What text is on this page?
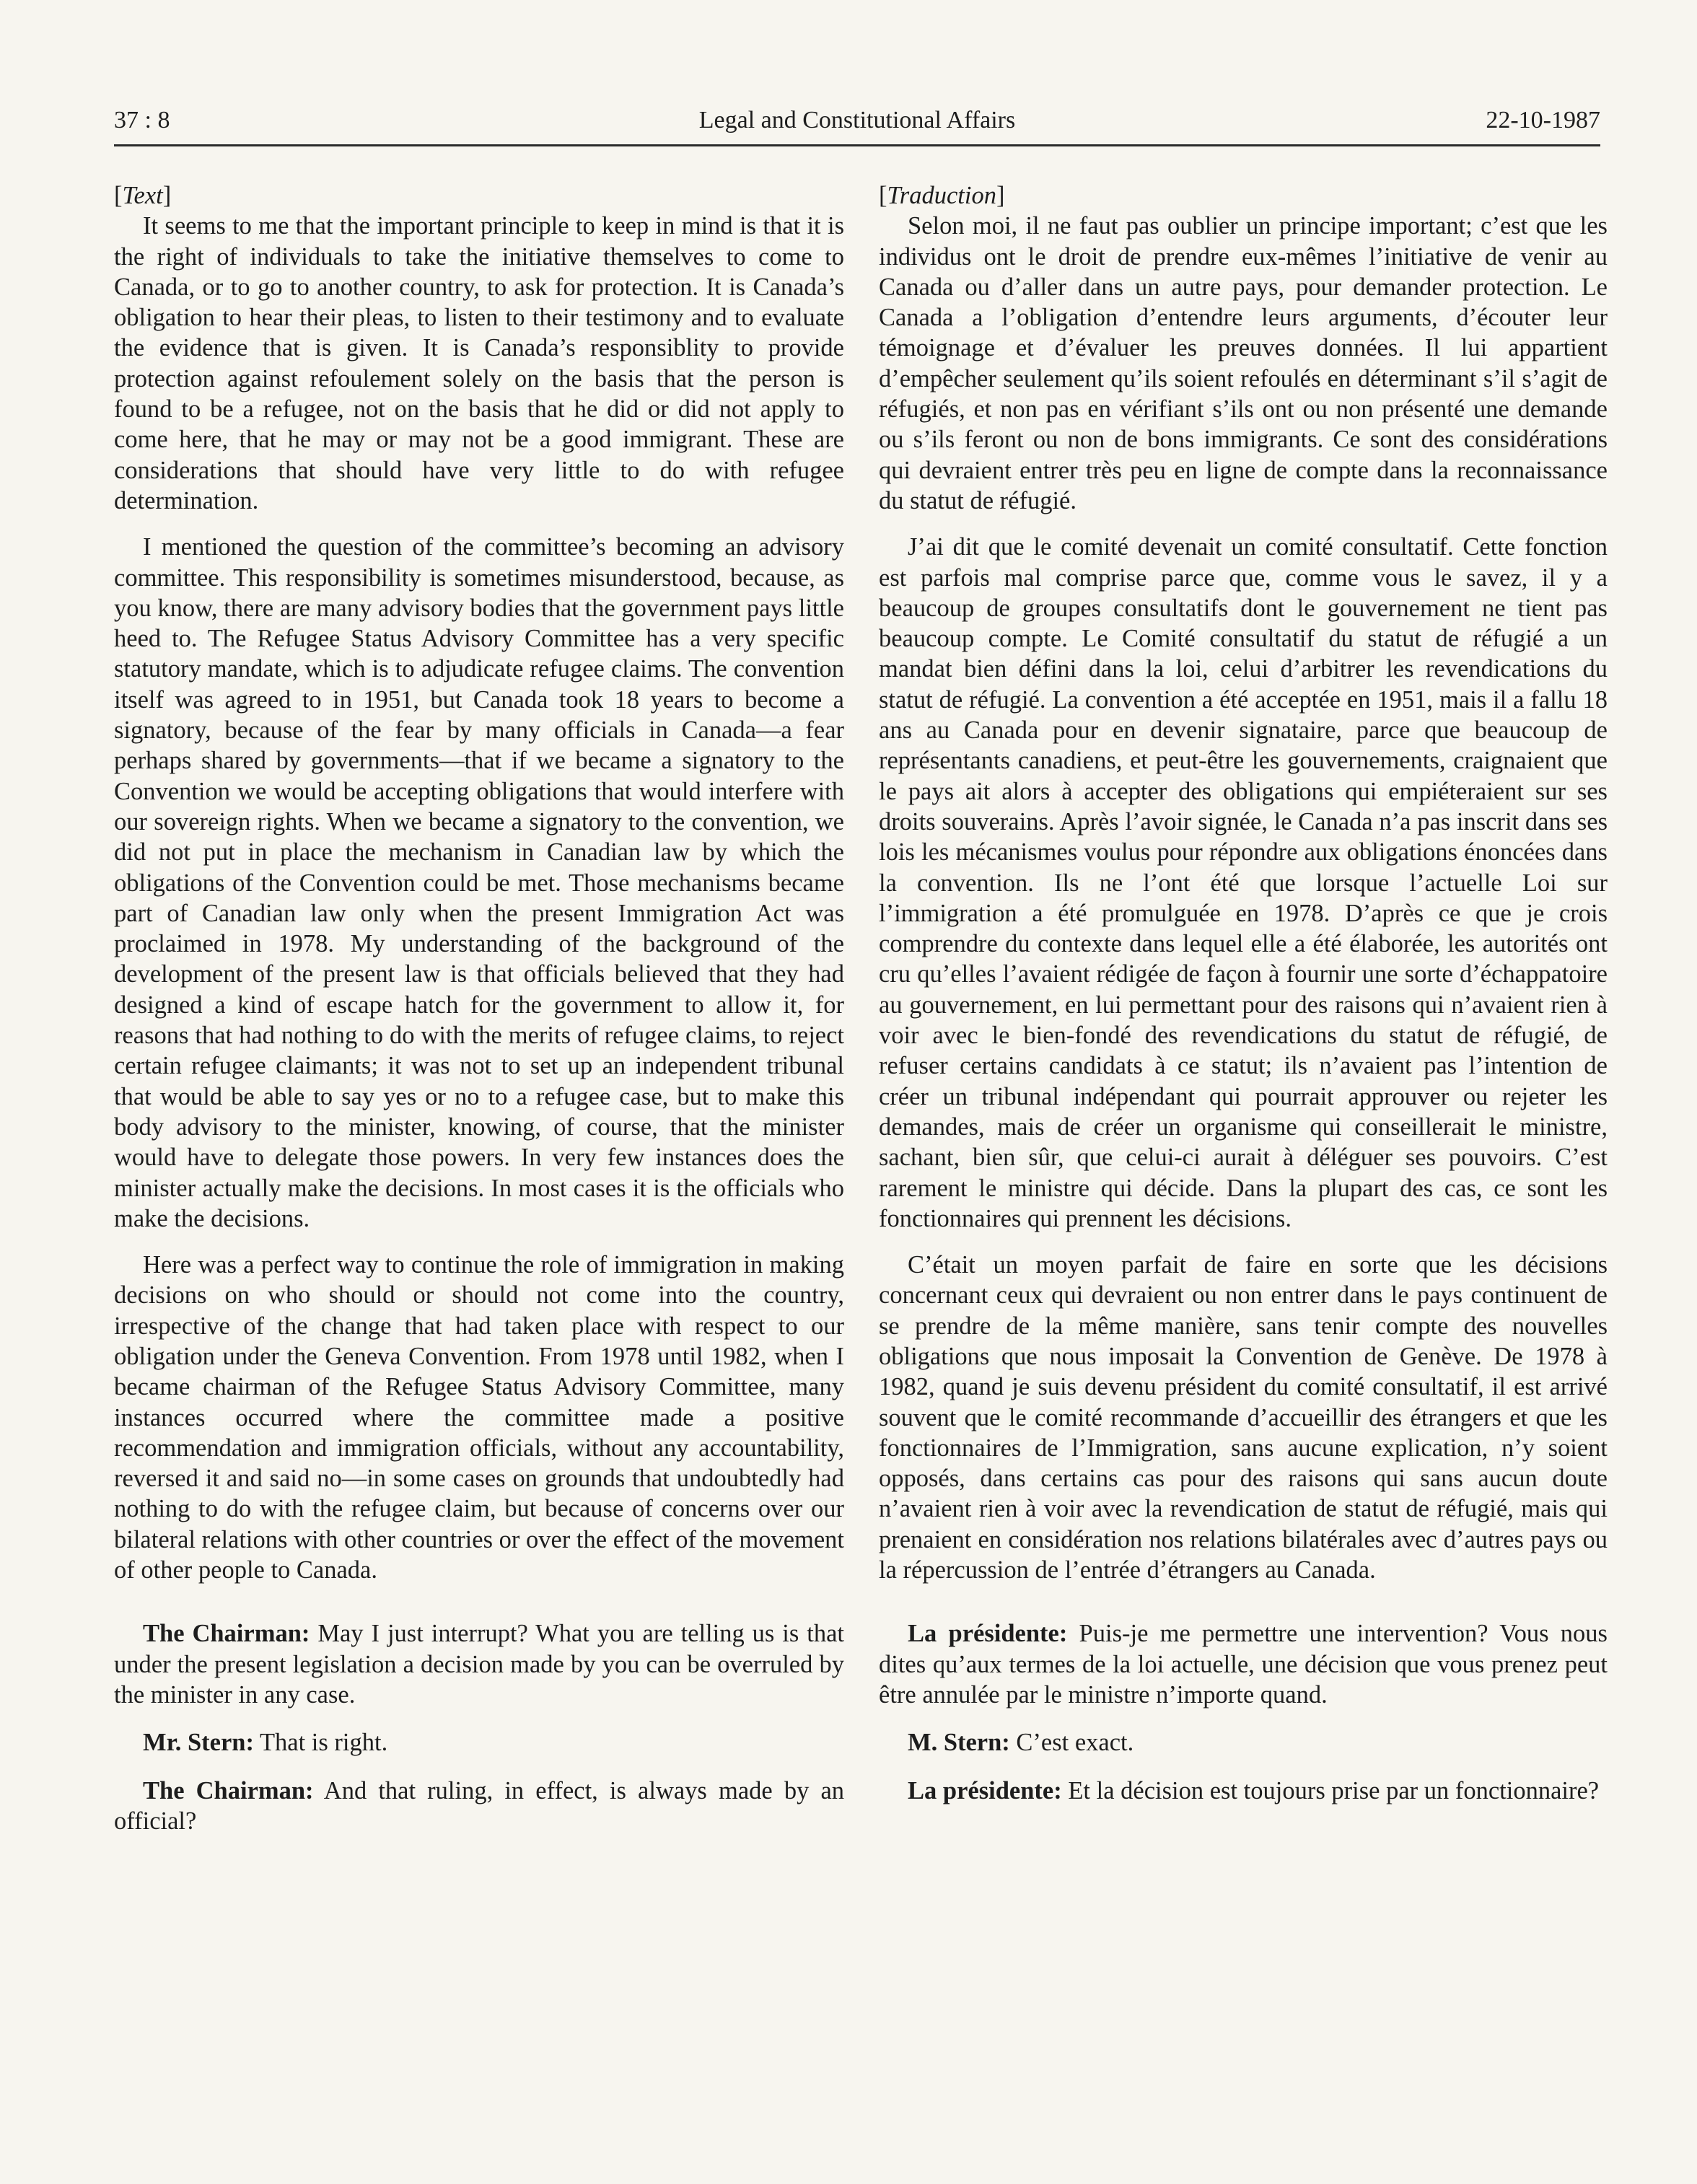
37 : 8	Legal and Constitutional Affairs	22-10-1987

[Text]

It seems to me that the important principle to keep in mind is that it is the right of individuals to take the initiative themselves to come to Canada, or to go to another country, to ask for protection. It is Canada’s obligation to hear their pleas, to listen to their testimony and to evaluate the evidence that is given. It is Canada’s responsiblity to provide protection against refoulement solely on the basis that the person is found to be a refugee, not on the basis that he did or did not apply to come here, that he may or may not be a good immigrant. These are considerations that should have very little to do with refugee determination.

I mentioned the question of the committee’s becoming an advisory committee. This responsibility is sometimes misunderstood, because, as you know, there are many advisory bodies that the government pays little heed to. The Refugee Status Advisory Committee has a very specific statutory mandate, which is to adjudicate refugee claims. The convention itself was agreed to in 1951, but Canada took 18 years to become a signatory, because of the fear by many officials in Canada—a fear perhaps shared by governments—that if we became a signatory to the Convention we would be accepting obligations that would interfere with our sovereign rights. When we became a signatory to the convention, we did not put in place the mechanism in Canadian law by which the obligations of the Convention could be met. Those mechanisms became part of Canadian law only when the present Immigration Act was proclaimed in 1978. My understanding of the background of the development of the present law is that officials believed that they had designed a kind of escape hatch for the government to allow it, for reasons that had nothing to do with the merits of refugee claims, to reject certain refugee claimants; it was not to set up an independent tribunal that would be able to say yes or no to a refugee case, but to make this body advisory to the minister, knowing, of course, that the minister would have to delegate those powers. In very few instances does the minister actually make the decisions. In most cases it is the officials who make the decisions.

Here was a perfect way to continue the role of immigration in making decisions on who should or should not come into the country, irrespective of the change that had taken place with respect to our obligation under the Geneva Convention. From 1978 until 1982, when I became chairman of the Refugee Status Advisory Committee, many instances occurred where the committee made a positive recommendation and immigration officials, without any accountability, reversed it and said no—in some cases on grounds that undoubtedly had nothing to do with the refugee claim, but because of concerns over our bilateral relations with other countries or over the effect of the movement of other people to Canada.

The Chairman: May I just interrupt? What you are telling us is that under the present legislation a decision made by you can be overruled by the minister in any case.

Mr. Stern: That is right.

The Chairman: And that ruling, in effect, is always made by an official?

[Traduction]

Selon moi, il ne faut pas oublier un principe important; c’est que les individus ont le droit de prendre eux-mêmes l’initiative de venir au Canada ou d’aller dans un autre pays, pour demander protection. Le Canada a l’obligation d’entendre leurs arguments, d’écouter leur témoignage et d’évaluer les preuves données. Il lui appartient d’empêcher seulement qu’ils soient refoulés en déterminant s’il s’agit de réfugiés, et non pas en vérifiant s’ils ont ou non présenté une demande ou s’ils feront ou non de bons immigrants. Ce sont des considérations qui devraient entrer très peu en ligne de compte dans la reconnaissance du statut de réfugié.

J’ai dit que le comité devenait un comité consultatif. Cette fonction est parfois mal comprise parce que, comme vous le savez, il y a beaucoup de groupes consultatifs dont le gouvernement ne tient pas beaucoup compte. Le Comité consultatif du statut de réfugié a un mandat bien défini dans la loi, celui d’arbitrer les revendications du statut de réfugié. La convention a été acceptée en 1951, mais il a fallu 18 ans au Canada pour en devenir signataire, parce que beaucoup de représentants canadiens, et peut-être les gouvernements, craignaient que le pays ait alors à accepter des obligations qui empiéteraient sur ses droits souverains. Après l’avoir signée, le Canada n’a pas inscrit dans ses lois les mécanismes voulus pour répondre aux obligations énoncées dans la convention. Ils ne l’ont été que lorsque l’actuelle Loi sur l’immigration a été promulguée en 1978. D’après ce que je crois comprendre du contexte dans lequel elle a été élaborée, les autorités ont cru qu’elles l’avaient rédigée de façon à fournir une sorte d’échappatoire au gouvernement, en lui permettant pour des raisons qui n’avaient rien à voir avec le bien-fondé des revendications du statut de réfugié, de refuser certains candidats à ce statut; ils n’avaient pas l’intention de créer un tribunal indépendant qui pourrait approuver ou rejeter les demandes, mais de créer un organisme qui conseillerait le ministre, sachant, bien sûr, que celui-ci aurait à déléguer ses pouvoirs. C’est rarement le ministre qui décide. Dans la plupart des cas, ce sont les fonctionnaires qui prennent les décisions.

C’était un moyen parfait de faire en sorte que les décisions concernant ceux qui devraient ou non entrer dans le pays continuent de se prendre de la même manière, sans tenir compte des nouvelles obligations que nous imposait la Convention de Genève. De 1978 à 1982, quand je suis devenu président du comité consultatif, il est arrivé souvent que le comité recommande d’accueillir des étrangers et que les fonctionnaires de l’Immigration, sans aucune explication, n’y soient opposés, dans certains cas pour des raisons qui sans aucun doute n’avaient rien à voir avec la revendication de statut de réfugié, mais qui prenaient en considération nos relations bilatérales avec d’autres pays ou la répercussion de l’entrée d’étrangers au Canada.

La présidente: Puis-je me permettre une intervention? Vous nous dites qu’aux termes de la loi actuelle, une décision que vous prenez peut être annulée par le ministre n’importe quand.

M. Stern: C’est exact.

La présidente: Et la décision est toujours prise par un fonctionnaire?
